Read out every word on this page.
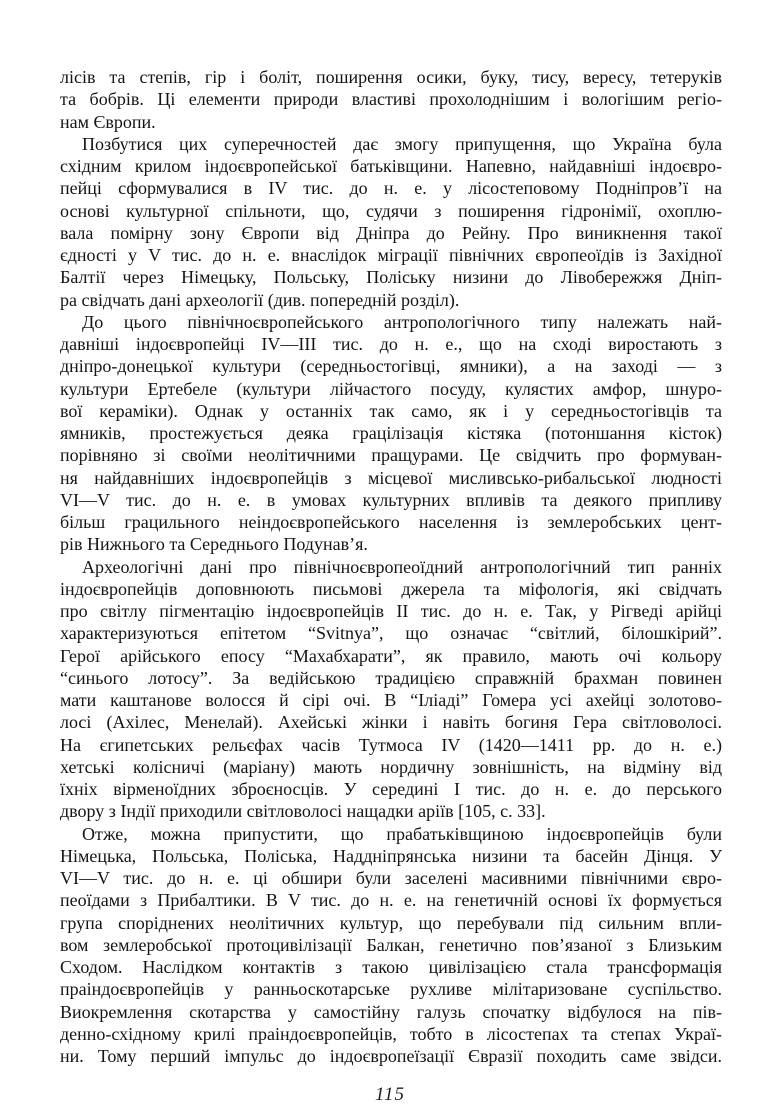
лісів та степів, гір і боліт, поширення осики, буку, тису, вересу, тетеруків
та бобрів. Ці елементи природи властиві прохолоднішим і вологішим регіо-
нам Європи.
Позбутися цих суперечностей дає змогу припущення, що Україна була
східним крилом індоєвропейської батьківщини. Напевно, найдавніші індоєвро-
пейці сформувалися в IV тис. до н. е. у лісостеповому Подніпров’ї на
основі культурної спільноти, що, судячи з поширення гідронімії, охоплю-
вала помірну зону Європи від Дніпра до Рейну. Про виникнення такої
єдності у V тис. до н. е. внаслідок міграції північних європеоїдів із Західної
Балтії через Німецьку, Польську, Поліську низини до Лівобережжя Дніп-
ра свідчать дані археології (див. попередній розділ).
До цього північноєвропейського антропологічного типу належать най-
давніші індоєвропейці IV—III тис. до н. е., що на сході виростають з
дніпро-донецької культури (середньостогівці, ямники), а на заході — з
культури Ертебеле (культури лійчастого посуду, кулястих амфор, шнуро-
вої кераміки). Однак у останніх так само, як і у середньостогівців та
ямників, простежується деяка грацілізація кістяка (потоншання кісток)
порівняно зі своїми неолітичними пращурами. Це свідчить про формуван-
ня найдавніших індоєвропейців з місцевої мисливсько-рибальської людності
VI—V тис. до н. е. в умовах культурних впливів та деякого припливу
більш грацильного неіндоєвропейського населення із землеробських цент-
рів Нижнього та Середнього Подунав’я.
Археологічні дані про північноєвропеоїдний антропологічний тип ранніх
індоєвропейців доповнюють письмові джерела та міфологія, які свідчать
про світлу пігментацію індоєвропейців II тис. до н. е. Так, у Рігведі арійці
характеризуються епітетом “Svitnya”, що означає “світлий, білошкірий”.
Герої арійського епосу “Махабхарати”, як правило, мають очі кольору
“синього лотосу”. За ведійською традицією справжній брахман повинен
мати каштанове волосся й сірі очі. В “Іліаді” Гомера усі ахейці золотово-
лосі (Ахілес, Менелай). Ахейські жінки і навіть богиня Гера світловолосі.
На єгипетських рельєфах часів Тутмоса IV (1420—1411 рр. до н. е.)
хетські колісничі (маріану) мають нордичну зовнішність, на відміну від
їхніх вірменоїдних зброєносців. У середині I тис. до н. е. до перського
двору з Індії приходили світловолосі нащадки аріїв [105, с. 33].
Отже, можна припустити, що прабатьківщиною індоєвропейців були
Німецька, Польська, Поліська, Наддніпрянська низини та басейн Дінця. У
VI—V тис. до н. е. ці обшири були заселені масивними північними євро-
пеоїдами з Прибалтики. В V тис. до н. е. на генетичній основі їх формується
група споріднених неолітичних культур, що перебували під сильним впли-
вом землеробської протоцивілізації Балкан, генетично пов’язаної з Близьким
Сходом. Наслідком контактів з такою цивілізацією стала трансформація
праіндоєвропейців у ранньоскотарське рухливе мілітаризоване суспільство.
Виокремлення скотарства у самостійну галузь спочатку відбулося на пів-
денно-східному крилі праіндоєвропейців, тобто в лісостепах та степах Украї-
ни. Тому перший імпульс до індоєвропеїзації Євразії походить саме звідси.
115
